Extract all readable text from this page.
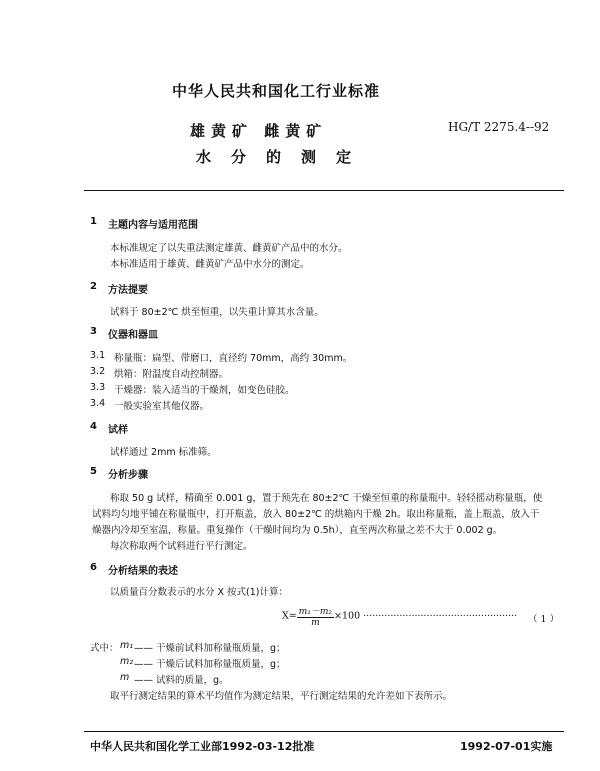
中华人民共和国化工行业标准
雄黄矿 雌黄矿	HG/T 2275.4--92
水分的测定
1 主题内容与适用范围
本标准规定了以失重法测定雄黄、雌黄矿产品中的水分。
本标准适用于雄黄、雌黄矿产品中水分的测定。
2 方法提要
试料于 80±2℃ 烘至恒重，以失重计算其水含量。
3 仪器和器皿
3.1 称量瓶：扁型、带磨口，直径约 70mm，高约 30mm。
3.2 烘箱：附温度自动控制器。
3.3 干燥器：装入适当的干燥剂，如变色硅胶。
3.4 一般实验室其他仪器。
4 试样
试样通过 2mm 标准筛。
5 分析步骤
称取 50 g 试样，精确至 0.001 g，置于预先在 80±2℃ 干燥至恒重的称量瓶中。轻轻摇动称量瓶，使
试料均匀地平铺在称量瓶中，打开瓶盖，放入 80±2℃ 的烘箱内干燥 2h。取出称量瓶，盖上瓶盖，放入干
燥器内冷却至室温，称量。重复操作（干燥时间均为 0.5h），直至两次称量之差不大于 0.002 g。
每次称取两个试料进行平行测定。
6 分析结果的表述
以质量百分数表示的水分 X 按式(1)计算：
$X= \frac{\text{m₁－m₂}}{m} \times 100$ ··················································· （ 1 ）
式中： m₁ —— 干燥前试料加称量瓶质量，g；
m₂ —— 干燥后试料加称量瓶质量，g；
m —— 试料的质量，g。
取平行测定结果的算术平均值作为测定结果，平行测定结果的允许差如下表所示。
中华人民共和国化学工业部1992-03-12批准	1992-07-01实施
